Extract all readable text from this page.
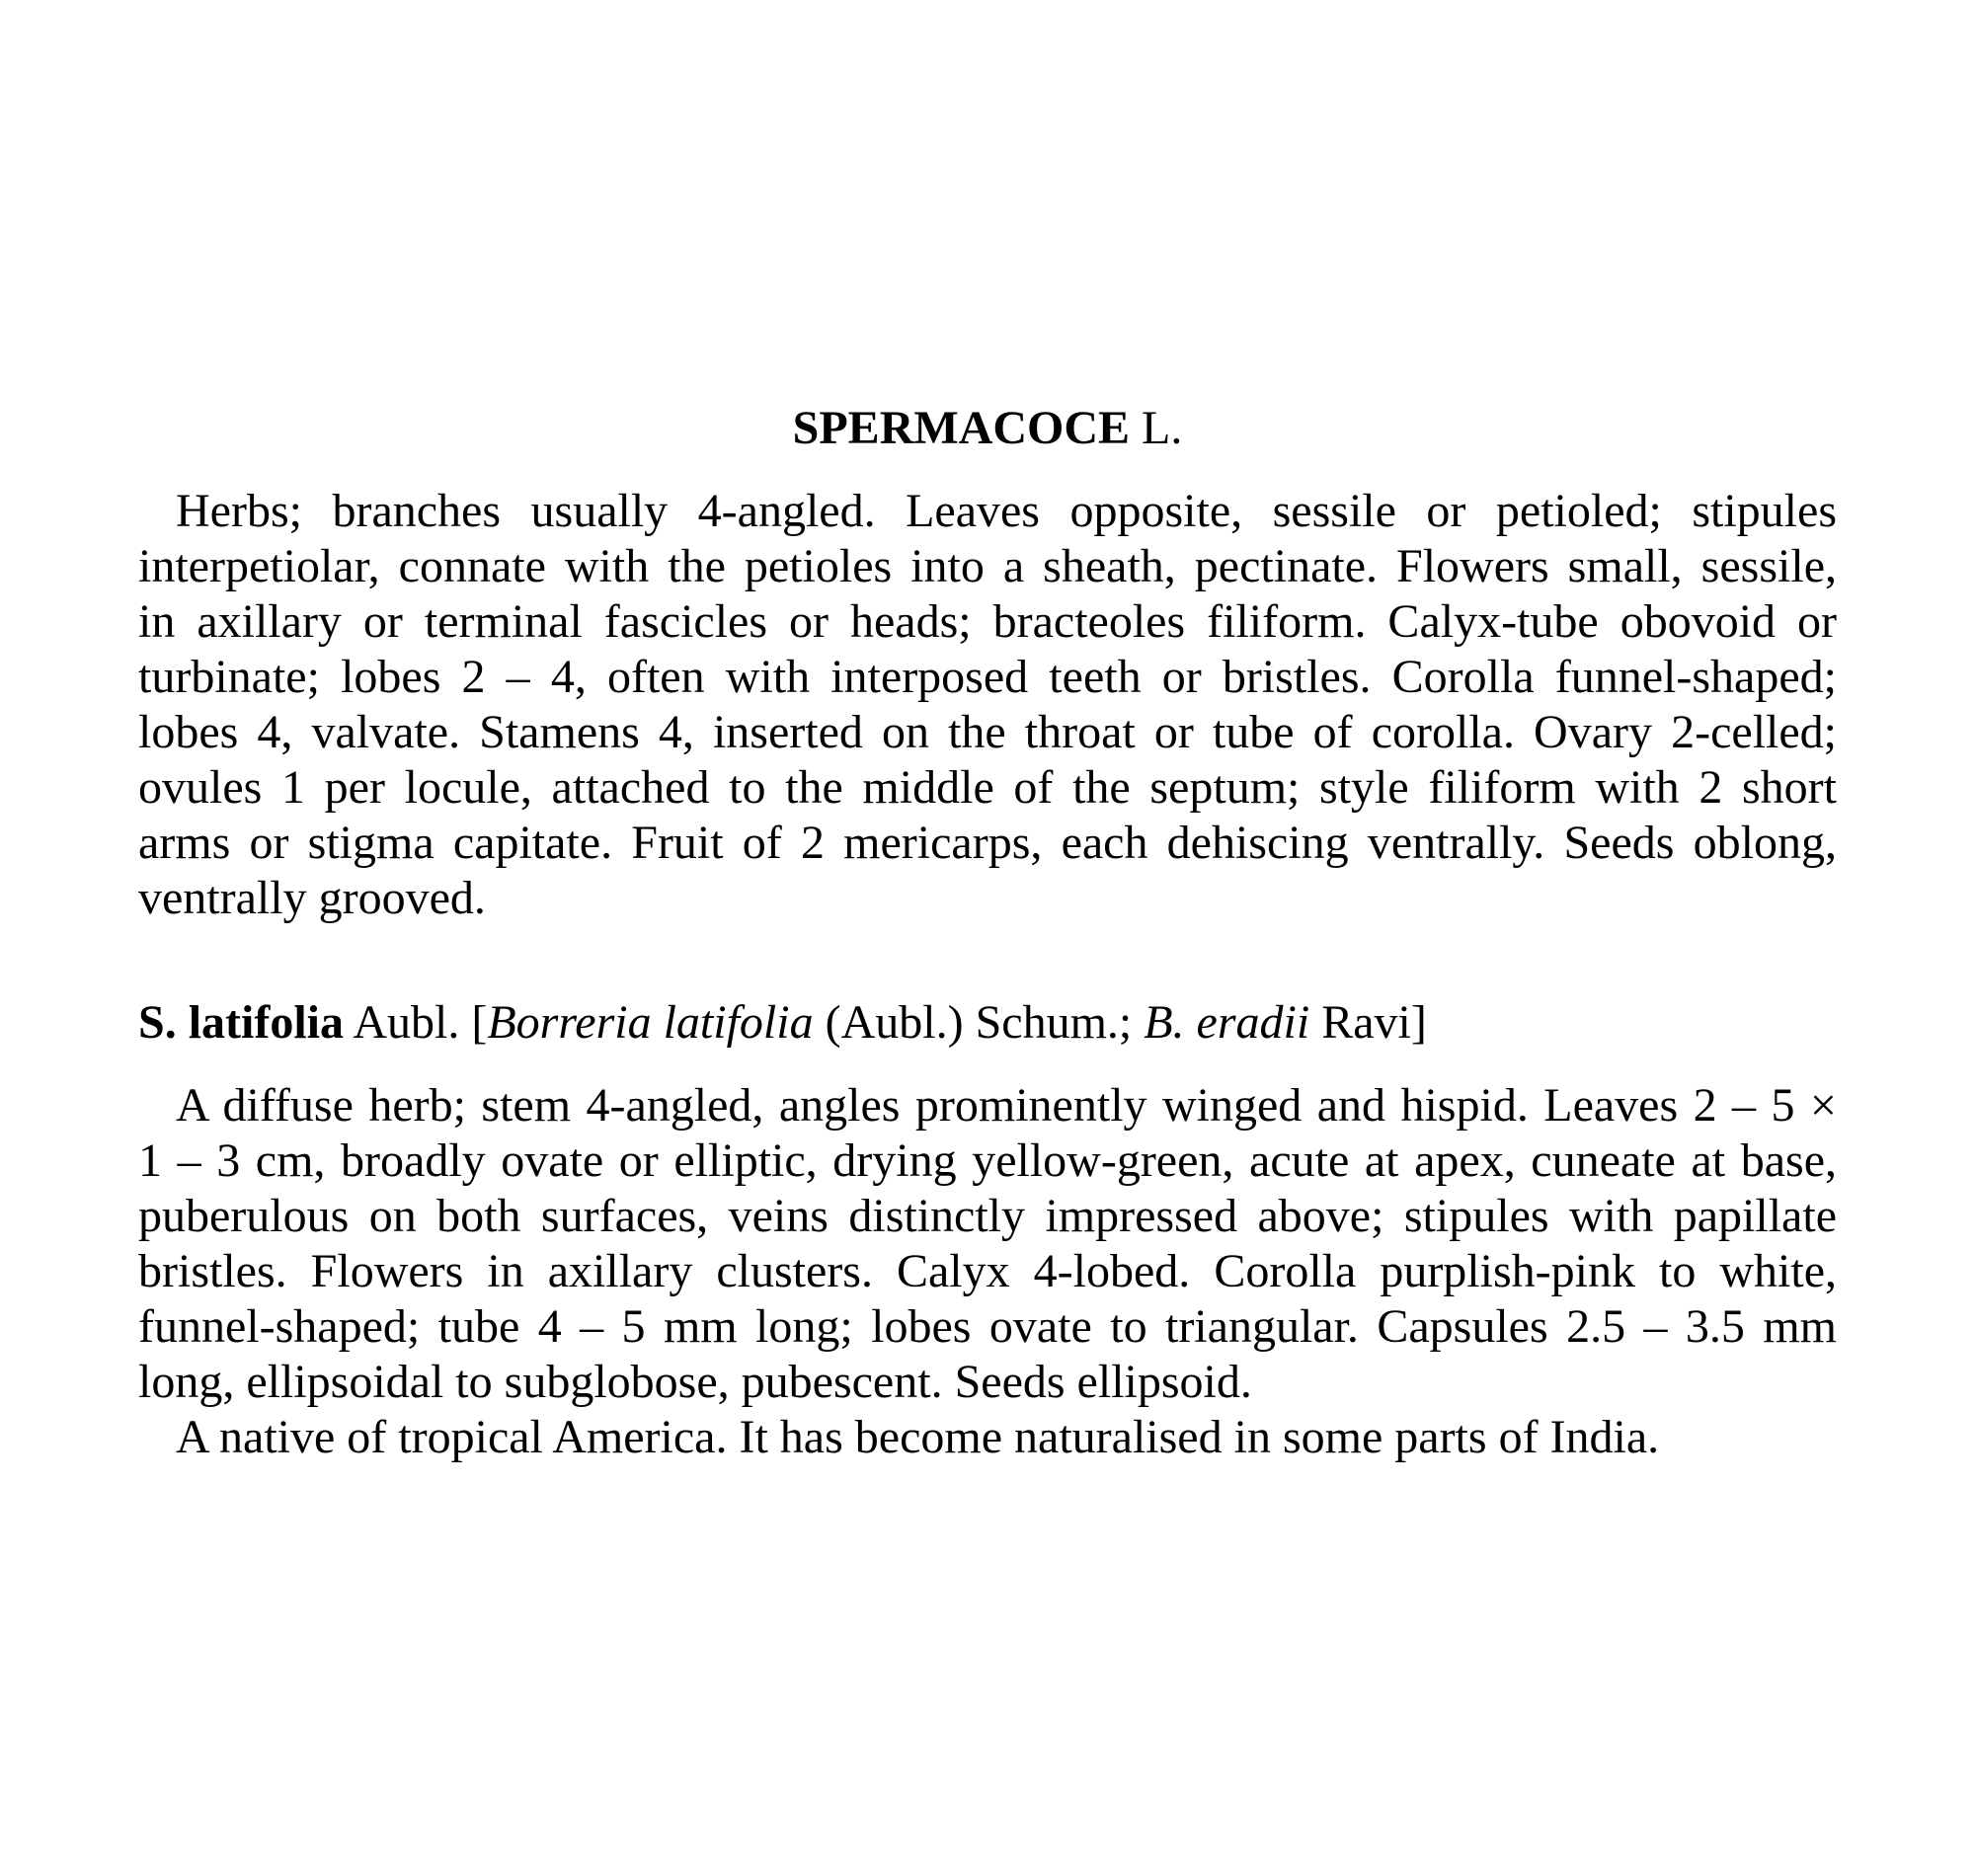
SPERMACOCE L.
Herbs; branches usually 4-angled. Leaves opposite, sessile or petioled; stipules
interpetiolar, connate with the petioles into a sheath, pectinate. Flowers small, sessile,
in axillary or terminal fascicles or heads; bracteoles filiform. Calyx-tube obovoid or
turbinate; lobes 2 – 4, often with interposed teeth or bristles. Corolla funnel-shaped;
lobes 4, valvate. Stamens 4, inserted on the throat or tube of corolla. Ovary 2-celled;
ovules 1 per locule, attached to the middle of the septum; style filiform with 2 short
arms or stigma capitate. Fruit of 2 mericarps, each dehiscing ventrally. Seeds oblong,
ventrally grooved.

S. latifolia Aubl. [Borreria latifolia (Aubl.) Schum.; B. eradii Ravi]

A diffuse herb; stem 4-angled, angles prominently winged and hispid. Leaves 2 – 5 ×
1 – 3 cm, broadly ovate or elliptic, drying yellow-green, acute at apex, cuneate at base,
puberulous on both surfaces, veins distinctly impressed above; stipules with papillate
bristles. Flowers in axillary clusters. Calyx 4-lobed. Corolla purplish-pink to white,
funnel-shaped; tube 4 – 5 mm long; lobes ovate to triangular. Capsules 2.5 – 3.5 mm
long, ellipsoidal to subglobose, pubescent. Seeds ellipsoid.

A native of tropical America. It has become naturalised in some parts of India.
